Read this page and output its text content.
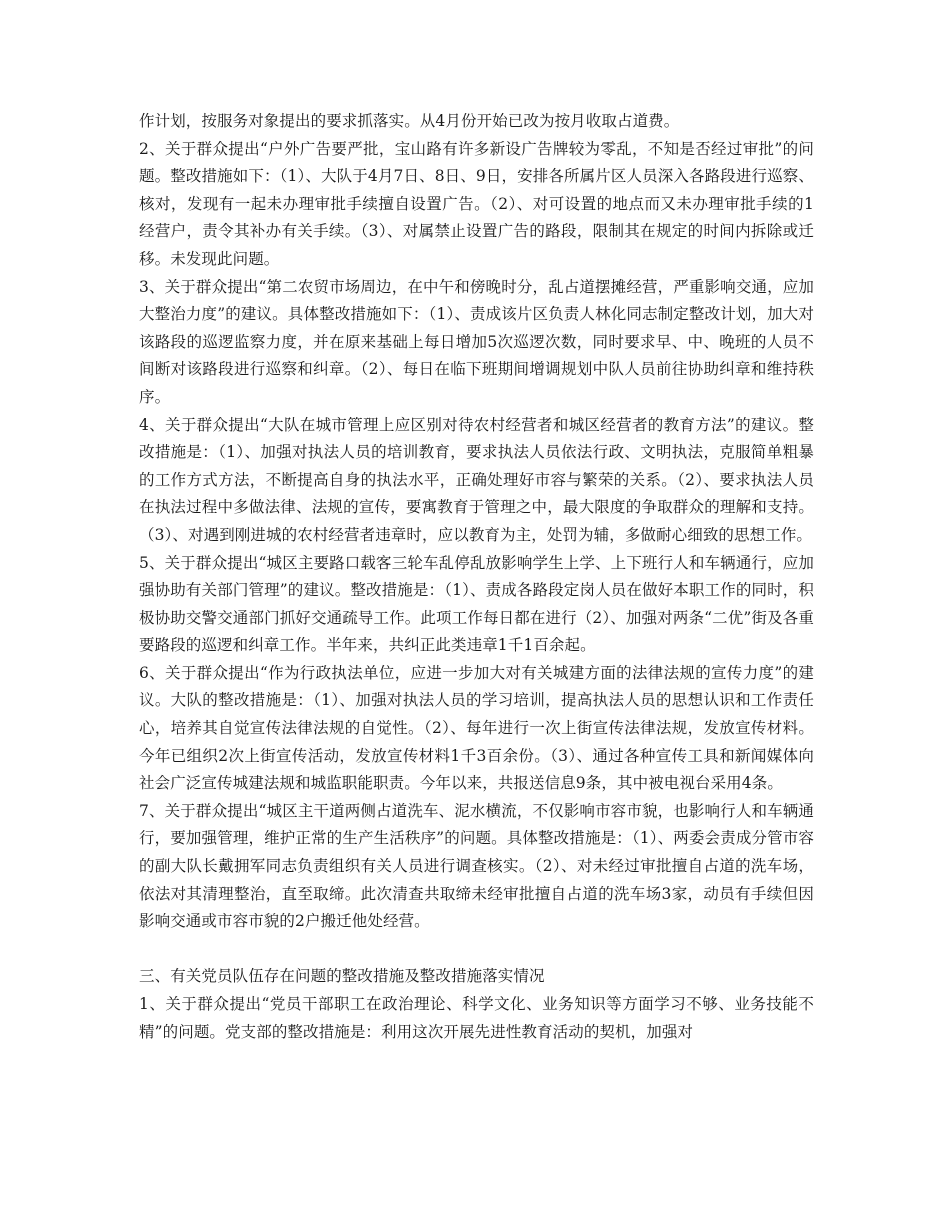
作计划，按服务对象提出的要求抓落实。从4月份开始已改为按月收取占道费。

2、关于群众提出“户外广告要严批，宝山路有许多新设广告牌较为零乱，不知是否经过审批”的问题。整改措施如下：（1）、大队于4月7日、8日、9日，安排各所属片区人员深入各路段进行巡察、核对，发现有一起未办理审批手续擅自设置广告。（2）、对可设置的地点而又未办理审批手续的1经营户，责令其补办有关手续。（3）、对属禁止设置广告的路段，限制其在规定的时间内拆除或迁移。未发现此问题。

3、关于群众提出“第二农贸市场周边，在中午和傍晚时分，乱占道摆摊经营，严重影响交通，应加大整治力度”的建议。具体整改措施如下：（1）、责成该片区负责人林化同志制定整改计划，加大对该路段的巡逻监察力度，并在原来基础上每日增加5次巡逻次数，同时要求早、中、晚班的人员不间断对该路段进行巡察和纠章。（2）、每日在临下班期间增调规划中队人员前往协助纠章和维持秩序。

4、关于群众提出“大队在城市管理上应区别对待农村经营者和城区经营者的教育方法”的建议。整改措施是：（1）、加强对执法人员的培训教育，要求执法人员依法行政、文明执法，克服简单粗暴的工作方式方法，不断提高自身的执法水平，正确处理好市容与繁荣的关系。（2）、要求执法人员在执法过程中多做法律、法规的宣传，要寓教育于管理之中，最大限度的争取群众的理解和支持。（3）、对遇到刚进城的农村经营者违章时，应以教育为主，处罚为辅，多做耐心细致的思想工作。

5、关于群众提出“城区主要路口载客三轮车乱停乱放影响学生上学、上下班行人和车辆通行，应加强协助有关部门管理”的建议。整改措施是：（1）、责成各路段定岗人员在做好本职工作的同时，积极协助交警交通部门抓好交通疏导工作。此项工作每日都在进行（2）、加强对两条“二优”街及各重要路段的巡逻和纠章工作。半年来，共纠正此类违章1千1百余起。

6、关于群众提出“作为行政执法单位，应进一步加大对有关城建方面的法律法规的宣传力度”的建议。大队的整改措施是：（1）、加强对执法人员的学习培训，提高执法人员的思想认识和工作责任心，培养其自觉宣传法律法规的自觉性。（2）、每年进行一次上街宣传法律法规，发放宣传材料。今年已组织2次上街宣传活动，发放宣传材料1千3百余份。（3）、通过各种宣传工具和新闻媒体向社会广泛宣传城建法规和城监职能职责。今年以来，共报送信息9条，其中被电视台采用4条。

7、关于群众提出“城区主干道两侧占道洗车、泥水横流，不仅影响市容市貌，也影响行人和车辆通行，要加强管理，维护正常的生产生活秩序”的问题。具体整改措施是：（1）、两委会责成分管市容的副大队长戴拥军同志负责组织有关人员进行调查核实。（2）、对未经过审批擅自占道的洗车场，依法对其清理整治，直至取缔。此次清查共取缔未经审批擅自占道的洗车场3家，动员有手续但因影响交通或市容市貌的2户搬迁他处经营。

三、有关党员队伍存在问题的整改措施及整改措施落实情况

1、关于群众提出“党员干部职工在政治理论、科学文化、业务知识等方面学习不够、业务技能不精”的问题。党支部的整改措施是：利用这次开展先进性教育活动的契机，加强对
